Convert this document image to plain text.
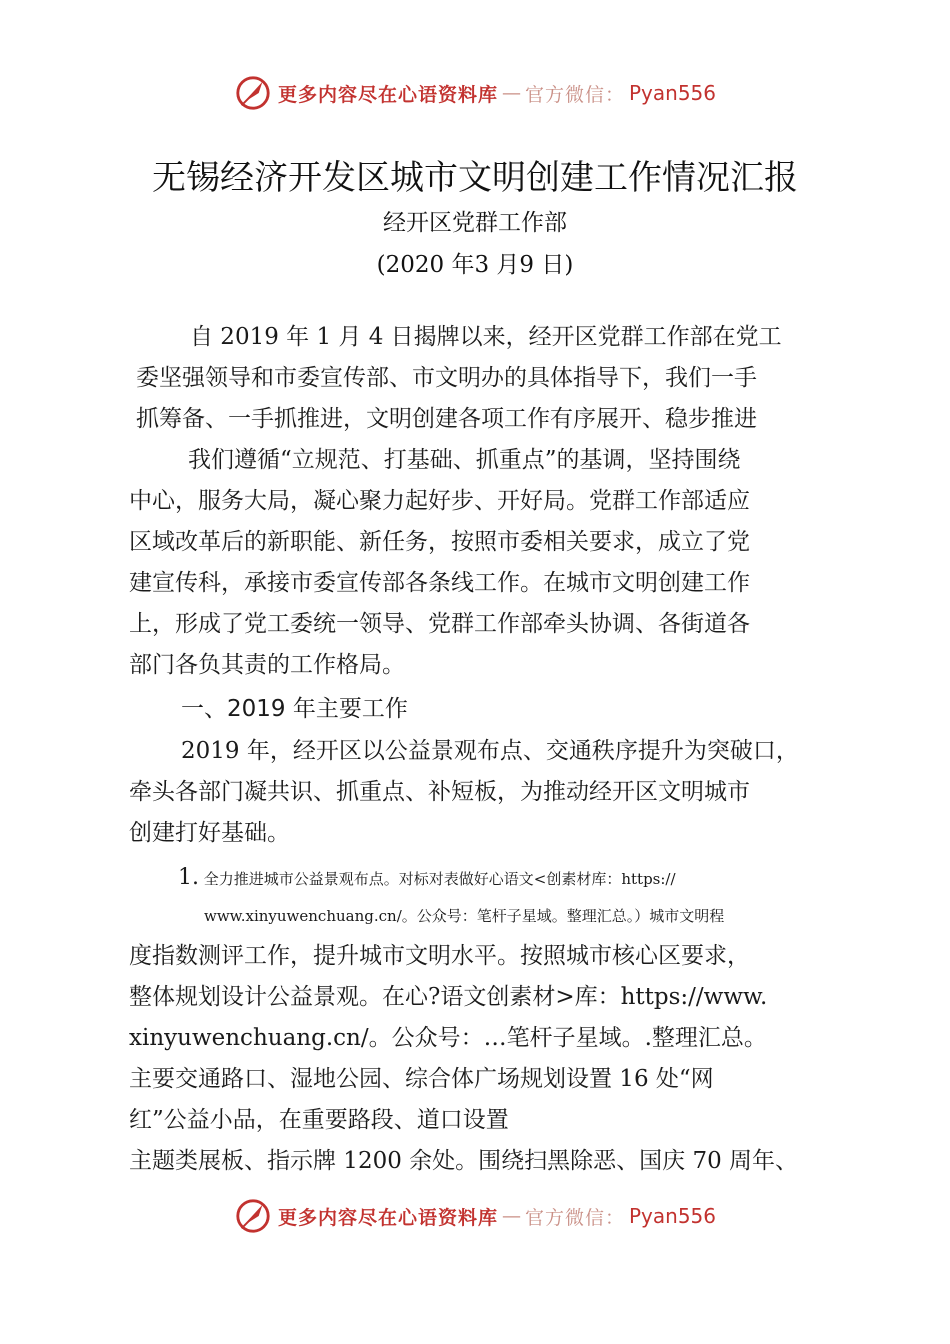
更多内容尽在心语资料库 — 官方微信： Pyan556
无锡经济开发区城市文明创建工作情况汇报
经开区党群工作部
(2020 年3 月9 日)
自 2019 年 1 月 4 日揭牌以来，经开区党群工作部在党工
委坚强领导和市委宣传部、市文明办的具体指导下，我们一手
抓筹备、一手抓推进，文明创建各项工作有序展开、稳步推进
我们遵循“立规范、打基础、抓重点”的基调，坚持围绕
中心，服务大局，凝心聚力起好步、开好局。党群工作部适应
区域改革后的新职能、新任务，按照市委相关要求，成立了党
建宣传科，承接市委宣传部各条线工作。在城市文明创建工作
上，形成了党工委统一领导、党群工作部牵头协调、各街道各
部门各负其责的工作格局。
一、2019 年主要工作
2019 年，经开区以公益景观布点、交通秩序提升为突破口，
牵头各部门凝共识、抓重点、补短板，为推动经开区文明城市
创建打好基础。
1. 全力推进城市公益景观布点。对标对表做好心语文<创素材库：https://
www.xinyuwenchuang.cn/。公众号：笔杆子星域。整理汇总。）城市文明程
度指数测评工作，提升城市文明水平。按照城市核心区要求，
整体规划设计公益景观。在心?语文创素材>库：https://www.
xinyuwenchuang.cn/。公众号：…笔杆子星域。.整理汇总。
主要交通路口、湿地公园、综合体广场规划设置 16 处“网
红”公益小品，在重要路段、道口设置
主题类展板、指示牌 1200 余处。围绕扫黑除恶、国庆 70 周年、
更多内容尽在心语资料库 — 官方微信： Pyan556
